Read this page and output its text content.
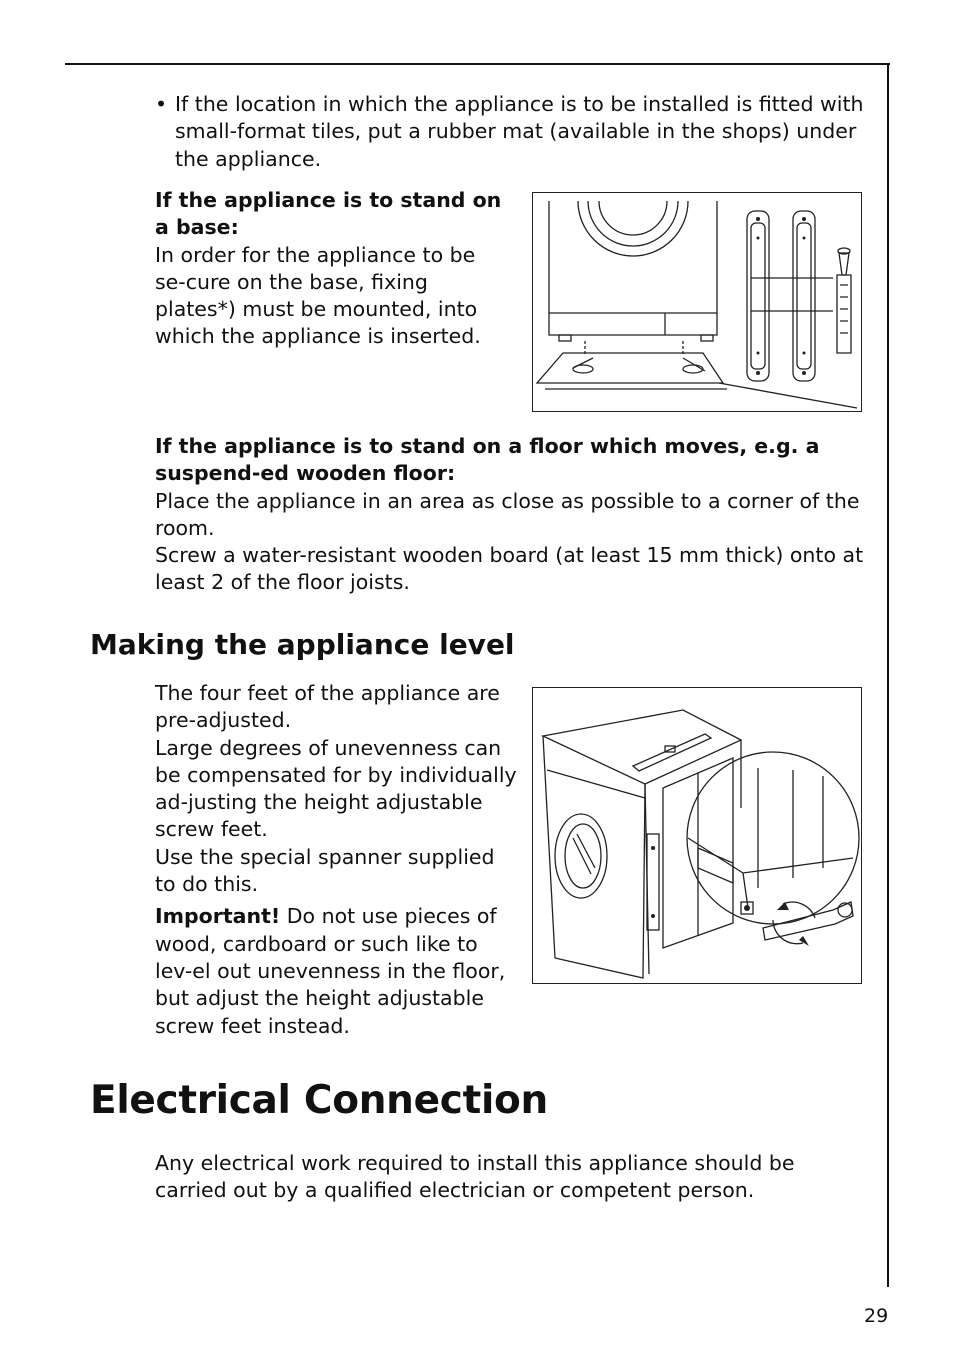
• If the location in which the appliance is to be installed is fitted with small-format tiles, put a rubber mat (available in the shops) under the appliance.
If the appliance is to stand on a base:
In order for the appliance to be se-cure on the base, fixing plates*) must be mounted, into which the appliance is inserted.
If the appliance is to stand on a floor which moves, e.g. a suspend-ed wooden floor:
Place the appliance in an area as close as possible to a corner of the room.
Screw a water-resistant wooden board (at least 15 mm thick) onto at least 2 of the floor joists.
Making the appliance level
The four feet of the appliance are pre-adjusted.
Large degrees of unevenness can be compensated for by individually ad-justing the height adjustable screw feet.
Use the special spanner supplied to do this.
Important! Do not use pieces of wood, cardboard or such like to lev-el out unevenness in the floor, but adjust the height adjustable screw feet instead.
Electrical Connection
Any electrical work required to install this appliance should be carried out by a qualified electrician or competent person.
29
